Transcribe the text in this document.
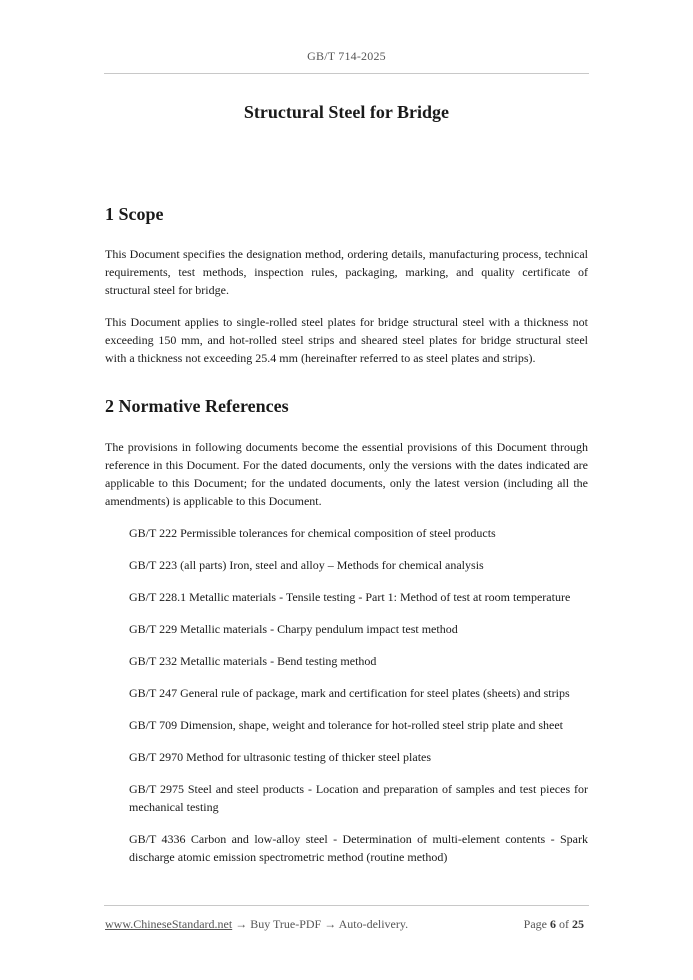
GB/T 714-2025
Structural Steel for Bridge
1 Scope

This Document specifies the designation method, ordering details, manufacturing process, technical requirements, test methods, inspection rules, packaging, marking, and quality certificate of structural steel for bridge.

This Document applies to single-rolled steel plates for bridge structural steel with a thickness not exceeding 150 mm, and hot-rolled steel strips and sheared steel plates for bridge structural steel with a thickness not exceeding 25.4 mm (hereinafter referred to as steel plates and strips).

2 Normative References

The provisions in following documents become the essential provisions of this Document through reference in this Document. For the dated documents, only the versions with the dates indicated are applicable to this Document; for the undated documents, only the latest version (including all the amendments) is applicable to this Document.

GB/T 222 Permissible tolerances for chemical composition of steel products
GB/T 223 (all parts) Iron, steel and alloy – Methods for chemical analysis
GB/T 228.1 Metallic materials - Tensile testing - Part 1: Method of test at room temperature
GB/T 229 Metallic materials - Charpy pendulum impact test method
GB/T 232 Metallic materials - Bend testing method
GB/T 247 General rule of package, mark and certification for steel plates (sheets) and strips
GB/T 709 Dimension, shape, weight and tolerance for hot-rolled steel strip plate and sheet
GB/T 2970 Method for ultrasonic testing of thicker steel plates
GB/T 2975 Steel and steel products - Location and preparation of samples and test pieces for mechanical testing
GB/T 4336 Carbon and low-alloy steel - Determination of multi-element contents - Spark discharge atomic emission spectrometric method (routine method)
www.ChineseStandard.net → Buy True-PDF → Auto-delivery.	Page 6 of 25
